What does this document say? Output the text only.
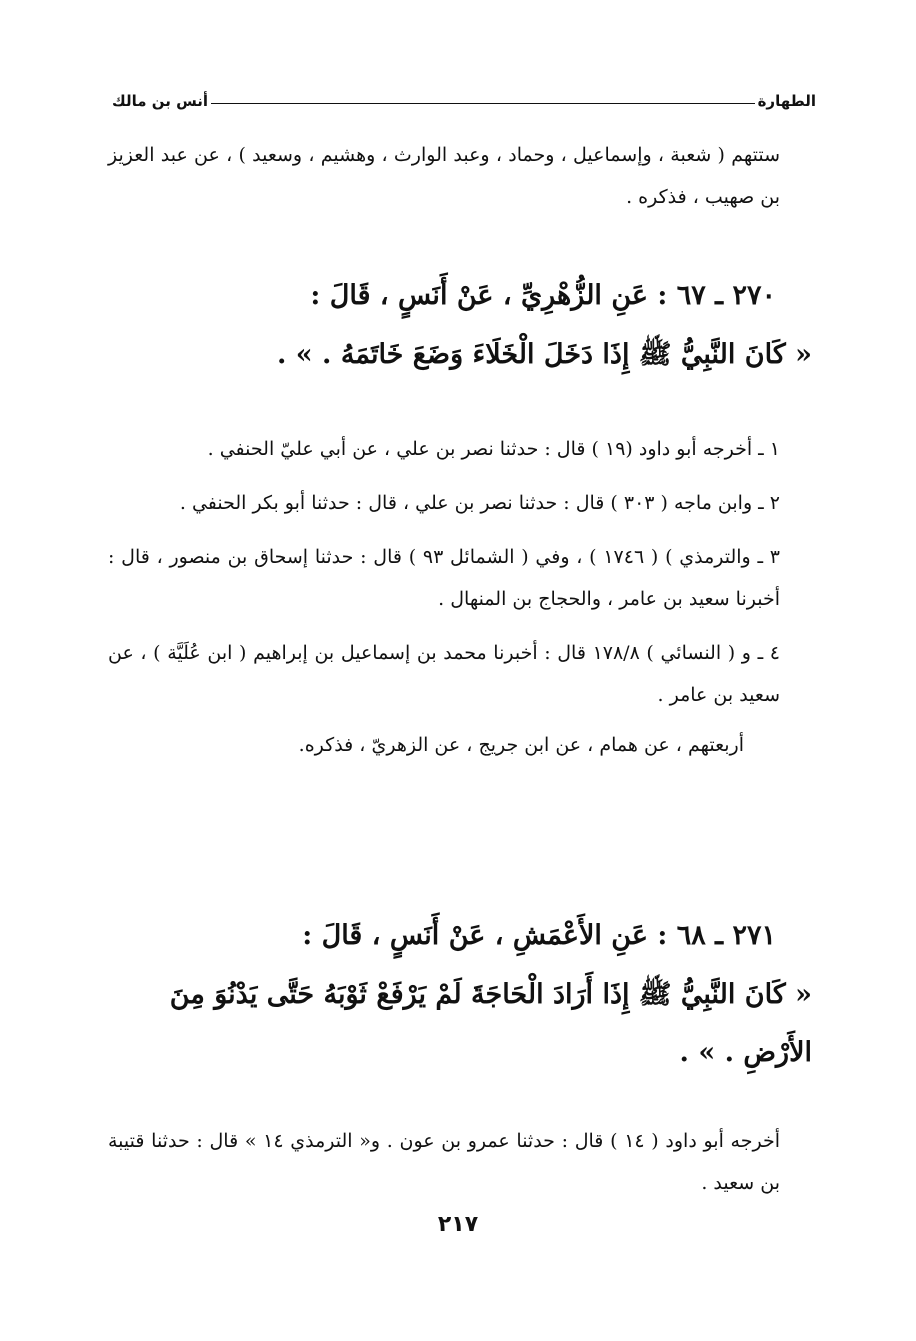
الطهارة
أنس بن مالك

ستتهم ( شعبة ، وإسماعيل ، وحماد ، وعبد الوارث ، وهشيم ، وسعيد ) ، عن عبد العزيز بن صهيب ، فذكره .

٢٧٠ ـ ٦٧ : عَنِ الزُّهْرِيِّ ، عَنْ أَنَسٍ ، قَالَ :

« كَانَ النَّبِيُّ ﷺ إِذَا دَخَلَ الْخَلَاءَ وَضَعَ خَاتَمَهُ . » .

١ ـ أخرجه أبو داود (١٩ ) قال : حدثنا نصر بن علي ، عن أبي عليّ الحنفي .

٢ ـ وابن ماجه ( ٣٠٣ ) قال : حدثنا نصر بن علي ، قال : حدثنا أبو بكر الحنفي .

٣ ـ والترمذي ) ( ١٧٤٦ ) ، وفي ( الشمائل ٩٣ ) قال : حدثنا إسحاق بن منصور ، قال : أخبرنا سعيد بن عامر ، والحجاج بن المنهال .

٤ ـ و ( النسائي ) ١٧٨/٨ قال : أخبرنا محمد بن إسماعيل بن إبراهيم ( ابن عُلَيَّة ) ، عن سعيد بن عامر .

أربعتهم ، عن همام ، عن ابن جريج ، عن الزهريّ ، فذكره.

٢٧١ ـ ٦٨ : عَنِ الأَعْمَشِ ، عَنْ أَنَسٍ ، قَالَ :

« كَانَ النَّبِيُّ ﷺ إِذَا أَرَادَ الْحَاجَةَ لَمْ يَرْفَعْ ثَوْبَهُ حَتَّى يَدْنُوَ مِنَ الأَرْضِ . » .

أخرجه أبو داود ( ١٤ ) قال : حدثنا عمرو بن عون . و« الترمذي ١٤ » قال : حدثنا قتيبة بن سعيد .

٢١٧
